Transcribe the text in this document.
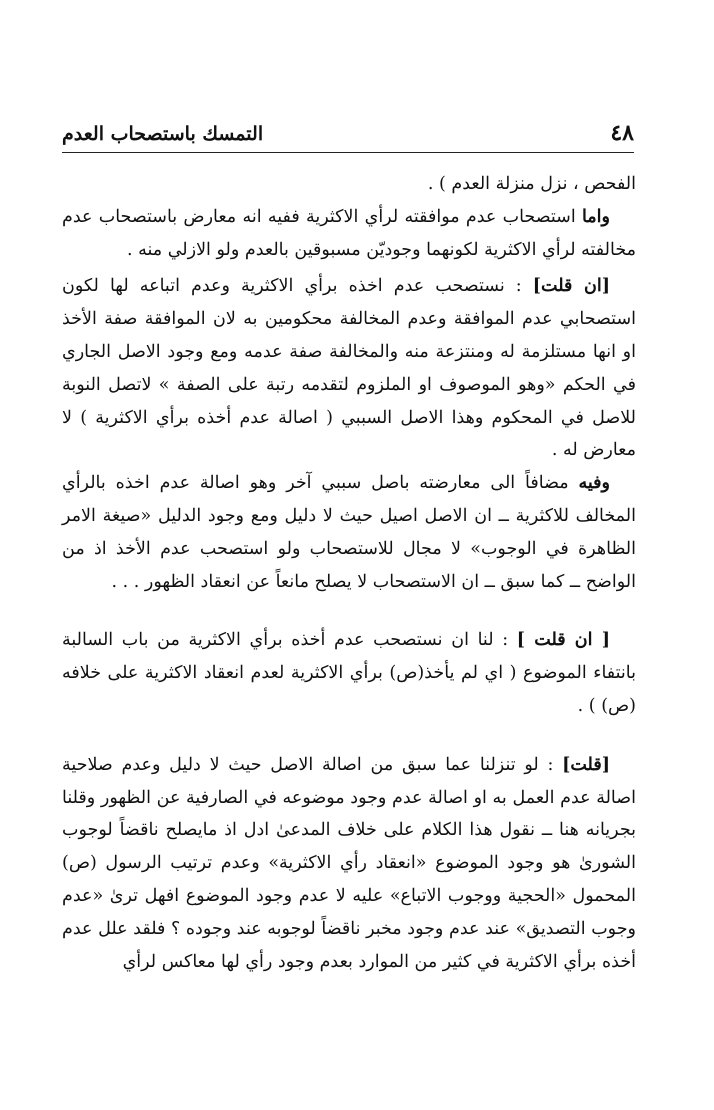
٤٨
التمسك باستصحاب العدم

الفحص ، نزل منزلة العدم ) .

واما استصحاب عدم موافقته لرأي الاكثرية ففيه انه معارض باستصحاب عدم مخالفته لرأي الاكثرية لكونهما وجوديّن مسبوقين بالعدم ولو الازلي منه .

[ان قلت] : نستصحب عدم اخذه برأي الاكثرية وعدم اتباعه لها لكون استصحابي عدم الموافقة وعدم المخالفة محكومين به لان الموافقة صفة الأخذ او انها مستلزمة له ومنتزعة منه والمخالفة صفة عدمه ومع وجود الاصل الجاري في الحكم «وهو الموصوف او الملزوم لتقدمه رتبة على الصفة » لاتصل النوبة للاصل في المحكوم وهذا الاصل السببي ( اصالة عدم أخذه برأي الاكثرية ) لا معارض له .

وفيه مضافاً الى معارضته باصل سببي آخر وهو اصالة عدم اخذه بالرأي المخالف للاكثرية ــ ان الاصل اصيل حيث لا دليل ومع وجود الدليل «صيغة الامر الظاهرة في الوجوب» لا مجال للاستصحاب ولو استصحب عدم الأخذ اذ من الواضح ــ كما سبق ــ ان الاستصحاب لا يصلح مانعاً عن انعقاد الظهور . . .

[ ان قلت ] : لنا ان نستصحب عدم أخذه برأي الاكثرية من باب السالبة بانتفاء الموضوع ( اي لم يأخذ(ص) برأي الاكثرية لعدم انعقاد الاكثرية على خلافه (ص) ) .

[قلت] : لو تنزلنا عما سبق من اصالة الاصل حيث لا دليل وعدم صلاحية اصالة عدم العمل به او اصالة عدم وجود موضوعه في الصارفية عن الظهور وقلنا بجريانه هنا ــ نقول هذا الكلام على خلاف المدعىٰ ادل اذ مايصلح ناقضاً لوجوب الشورىٰ هو وجود الموضوع «انعقاد رأي الاكثرية» وعدم ترتيب الرسول (ص) المحمول «الحجية ووجوب الاتباع» عليه لا عدم وجود الموضوع افهل ترىٰ «عدم وجوب التصديق» عند عدم وجود مخبر ناقضاً لوجوبه عند وجوده ؟ فلقد علل عدم أخذه برأي الاكثرية في كثير من الموارد بعدم وجود رأي لها معاكس لرأي
